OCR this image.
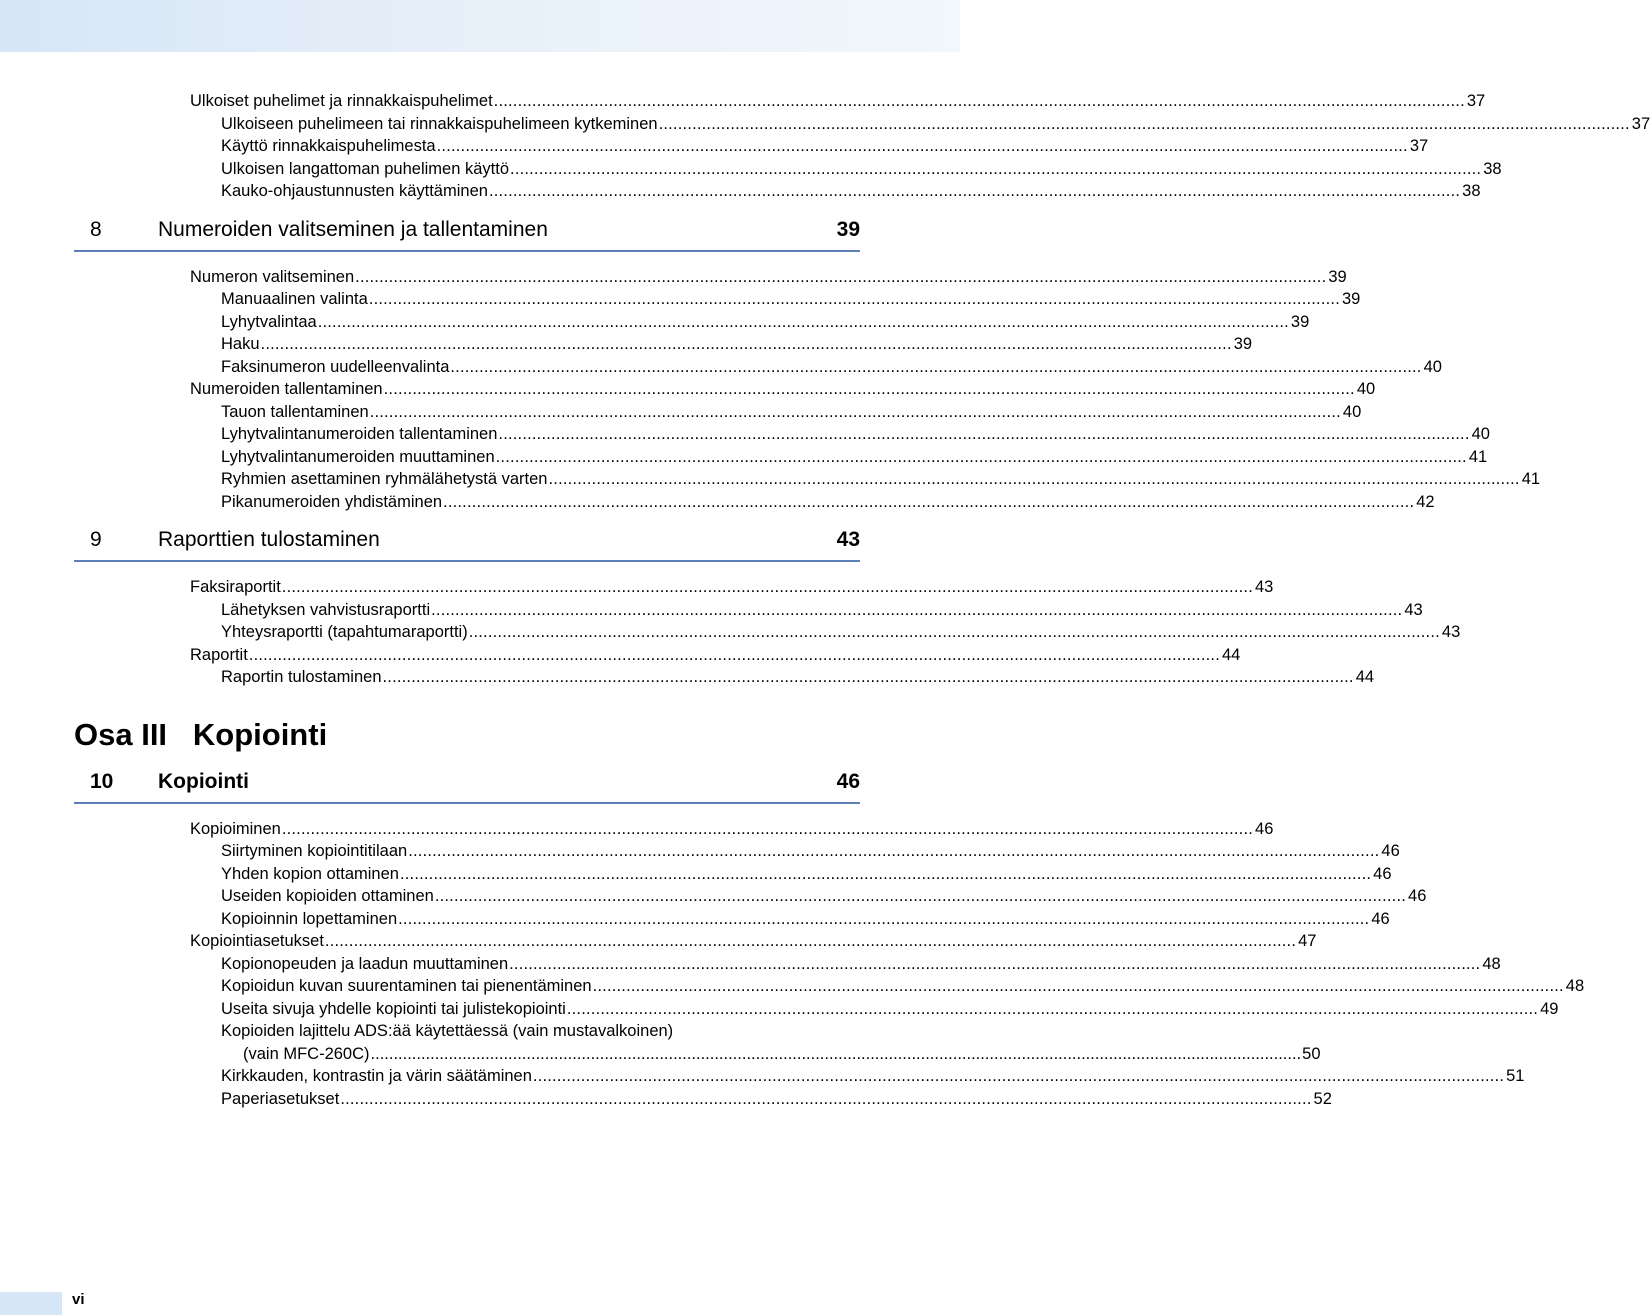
Ulkoiset puhelimet ja rinnakkaispuhelimet .....	37
Ulkoiseen puhelimeen tai rinnakkaispuhelimeen kytkeminen .....	37
Käyttö rinnakkaispuhelimesta .....	37
Ulkoisen langattoman puhelimen käyttö .....	38
Kauko-ohjaustunnusten käyttäminen .....	38
8	Numeroiden valitseminen ja tallentaminen	39
Numeron valitseminen .....	39
Manuaalinen valinta .....	39
Lyhytvalintaa .....	39
Haku .....	39
Faksinumeron uudelleenvalinta .....	40
Numeroiden tallentaminen .....	40
Tauon tallentaminen .....	40
Lyhytvalintanumeroiden tallentaminen .....	40
Lyhytvalintanumeroiden muuttaminen .....	41
Ryhmien asettaminen ryhmälähetystä varten .....	41
Pikanumeroiden yhdistäminen .....	42
9	Raporttien tulostaminen	43
Faksiraportit .....	43
Lähetyksen vahvistusraportti .....	43
Yhteysraportti (tapahtumaraportti) .....	43
Raportit .....	44
Raportin tulostaminen .....	44
Osa III   Kopiointi
10	Kopiointi	46
Kopioiminen .....	46
Siirtyminen kopiointitilaan .....	46
Yhden kopion ottaminen .....	46
Useiden kopioiden ottaminen .....	46
Kopioinnin lopettaminen .....	46
Kopiointiasetukset .....	47
Kopionopeuden ja laadun muuttaminen .....	48
Kopioidun kuvan suurentaminen tai pienentäminen .....	48
Useita sivuja yhdelle kopiointi tai julistekopiointi .....	49
Kopioiden lajittelu ADS:ää käytettäessä (vain mustavalkoinen)
(vain MFC-260C) .....	50
Kirkkauden, kontrastin ja värin säätäminen .....	51
Paperiasetukset .....	52
vi
